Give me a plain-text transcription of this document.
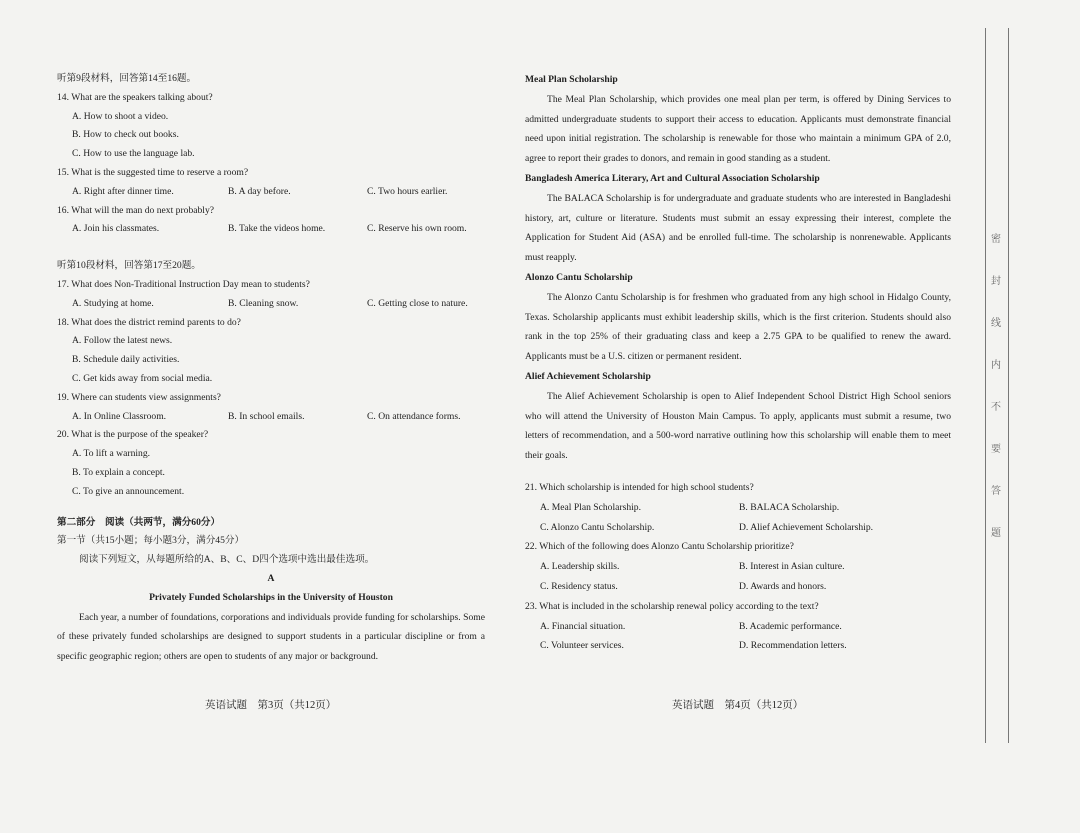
听第9段材料，回答第14至16题。
14. What are the speakers talking about?
A. How to shoot a video.
B. How to check out books.
C. How to use the language lab.
15. What is the suggested time to reserve a room?
A. Right after dinner time.	B. A day before.	C. Two hours earlier.
16. What will the man do next probably?
A. Join his classmates.	B. Take the videos home.	C. Reserve his own room.
听第10段材料，回答第17至20题。
17. What does Non-Traditional Instruction Day mean to students?
A. Studying at home.	B. Cleaning snow.	C. Getting close to nature.
18. What does the district remind parents to do?
A. Follow the latest news.
B. Schedule daily activities.
C. Get kids away from social media.
19. Where can students view assignments?
A. In Online Classroom.	B. In school emails.	C. On attendance forms.
20. What is the purpose of the speaker?
A. To lift a warning.
B. To explain a concept.
C. To give an announcement.
第二部分　阅读（共两节，满分60分）
第一节（共15小题；每小题3分，满分45分）
阅读下列短文，从每题所给的A、B、C、D四个选项中选出最佳选项。
A
Privately Funded Scholarships in the University of Houston
Each year, a number of foundations, corporations and individuals provide funding for scholarships. Some of these privately funded scholarships are designed to support students in a particular discipline or from a specific geographic region; others are open to students of any major or background.
Meal Plan Scholarship
The Meal Plan Scholarship, which provides one meal plan per term, is offered by Dining Services to admitted undergraduate students to support their access to education. Applicants must demonstrate financial need upon initial registration. The scholarship is renewable for those who maintain a minimum GPA of 2.0, agree to report their grades to donors, and remain in good standing as a student.
Bangladesh America Literary, Art and Cultural Association Scholarship
The BALACA Scholarship is for undergraduate and graduate students who are interested in Bangladeshi history, art, culture or literature. Students must submit an essay expressing their interest, complete the Application for Student Aid (ASA) and be enrolled full-time. The scholarship is nonrenewable. Applicants must reapply.
Alonzo Cantu Scholarship
The Alonzo Cantu Scholarship is for freshmen who graduated from any high school in Hidalgo County, Texas. Scholarship applicants must exhibit leadership skills, which is the first criterion. Students should also rank in the top 25% of their graduating class and keep a 2.75 GPA to be qualified to renew the award. Applicants must be a U.S. citizen or permanent resident.
Alief Achievement Scholarship
The Alief Achievement Scholarship is open to Alief Independent School District High School seniors who will attend the University of Houston Main Campus. To apply, applicants must submit a resume, two letters of recommendation, and a 500-word narrative outlining how this scholarship will enable them to meet their goals.
21. Which scholarship is intended for high school students?
A. Meal Plan Scholarship.	B. BALACA Scholarship.
C. Alonzo Cantu Scholarship.	D. Alief Achievement Scholarship.
22. Which of the following does Alonzo Cantu Scholarship prioritize?
A. Leadership skills.	B. Interest in Asian culture.
C. Residency status.	D. Awards and honors.
23. What is included in the scholarship renewal policy according to the text?
A. Financial situation.	B. Academic performance.
C. Volunteer services.	D. Recommendation letters.
英语试题　第3页（共12页）	英语试题　第4页（共12页）
密
封
线
内
不
要
答
题
